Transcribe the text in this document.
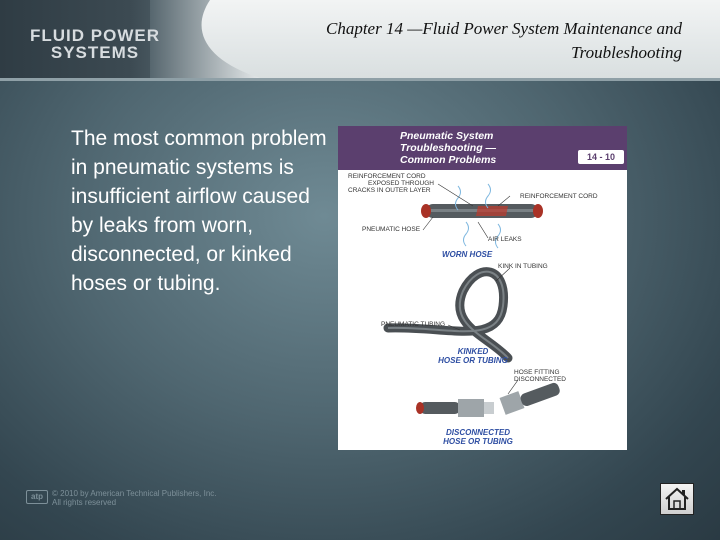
FLUID POWER
SYSTEMS
Chapter 14 —Fluid Power System Maintenance and
Troubleshooting
The most common problem in pneumatic systems is insufficient airflow caused by leaks from worn, disconnected, or kinked hoses or tubing.
Pneumatic System
Troubleshooting —
Common Problems	14 - 10
REINFORCEMENT CORD
EXPOSED THROUGH
CRACKS IN OUTER LAYER
REINFORCEMENT CORD
PNEUMATIC HOSE
AIR LEAKS
WORN HOSE
KINK IN TUBING
PNEUMATIC TUBING
KINKED
HOSE OR TUBING
HOSE FITTING
DISCONNECTED
DISCONNECTED
HOSE OR TUBING
atp	© 2010 by American Technical Publishers, Inc.
All rights reserved
